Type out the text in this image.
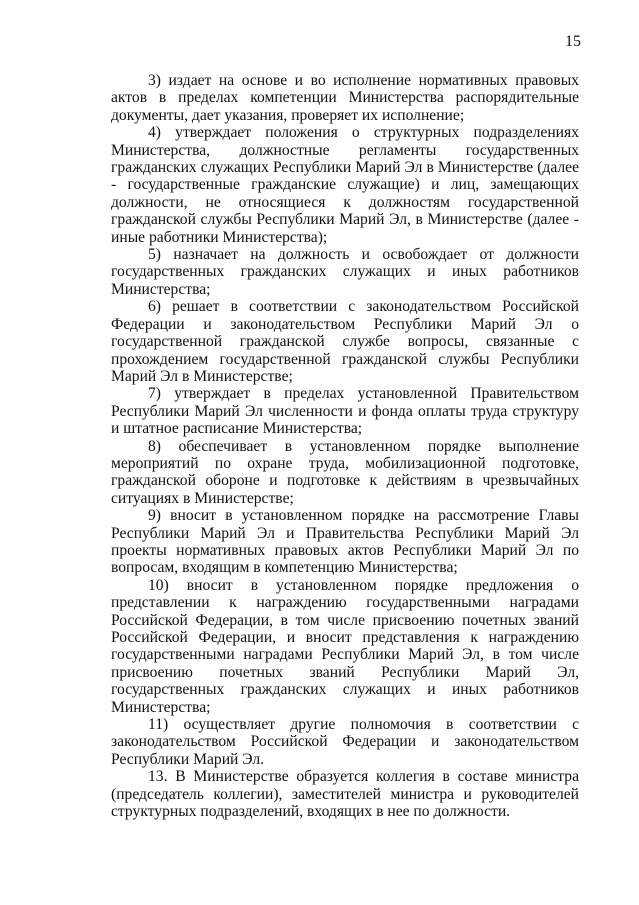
15

3) издает на основе и во исполнение нормативных правовых актов в пределах компетенции Министерства распорядительные документы, дает указания, проверяет их исполнение;

4) утверждает положения о структурных подразделениях Министерства, должностные регламенты государственных гражданских служащих Республики Марий Эл в Министерстве (далее - государственные гражданские служащие) и лиц, замещающих должности, не относящиеся к должностям государственной гражданской службы Республики Марий Эл, в Министерстве (далее - иные работники Министерства);

5) назначает на должность и освобождает от должности государственных гражданских служащих и иных работников Министерства;

6) решает в соответствии с законодательством Российской Федерации и законодательством Республики Марий Эл о государственной гражданской службе вопросы, связанные с прохождением государственной гражданской службы Республики Марий Эл в Министерстве;

7) утверждает в пределах установленной Правительством Республики Марий Эл численности и фонда оплаты труда структуру и штатное расписание Министерства;

8) обеспечивает в установленном порядке выполнение мероприятий по охране труда, мобилизационной подготовке, гражданской обороне и подготовке к действиям в чрезвычайных ситуациях в Министерстве;

9) вносит в установленном порядке на рассмотрение Главы Республики Марий Эл и Правительства Республики Марий Эл проекты нормативных правовых актов Республики Марий Эл по вопросам, входящим в компетенцию Министерства;

10) вносит в установленном порядке предложения о представлении к награждению государственными наградами Российской Федерации, в том числе присвоению почетных званий Российской Федерации, и вносит представления к награждению государственными наградами Республики Марий Эл, в том числе присвоению почетных званий Республики Марий Эл, государственных гражданских служащих и иных работников Министерства;

11) осуществляет другие полномочия в соответствии с законодательством Российской Федерации и законодательством Республики Марий Эл.

13. В Министерстве образуется коллегия в составе министра (председатель коллегии), заместителей министра и руководителей структурных подразделений, входящих в нее по должности.
